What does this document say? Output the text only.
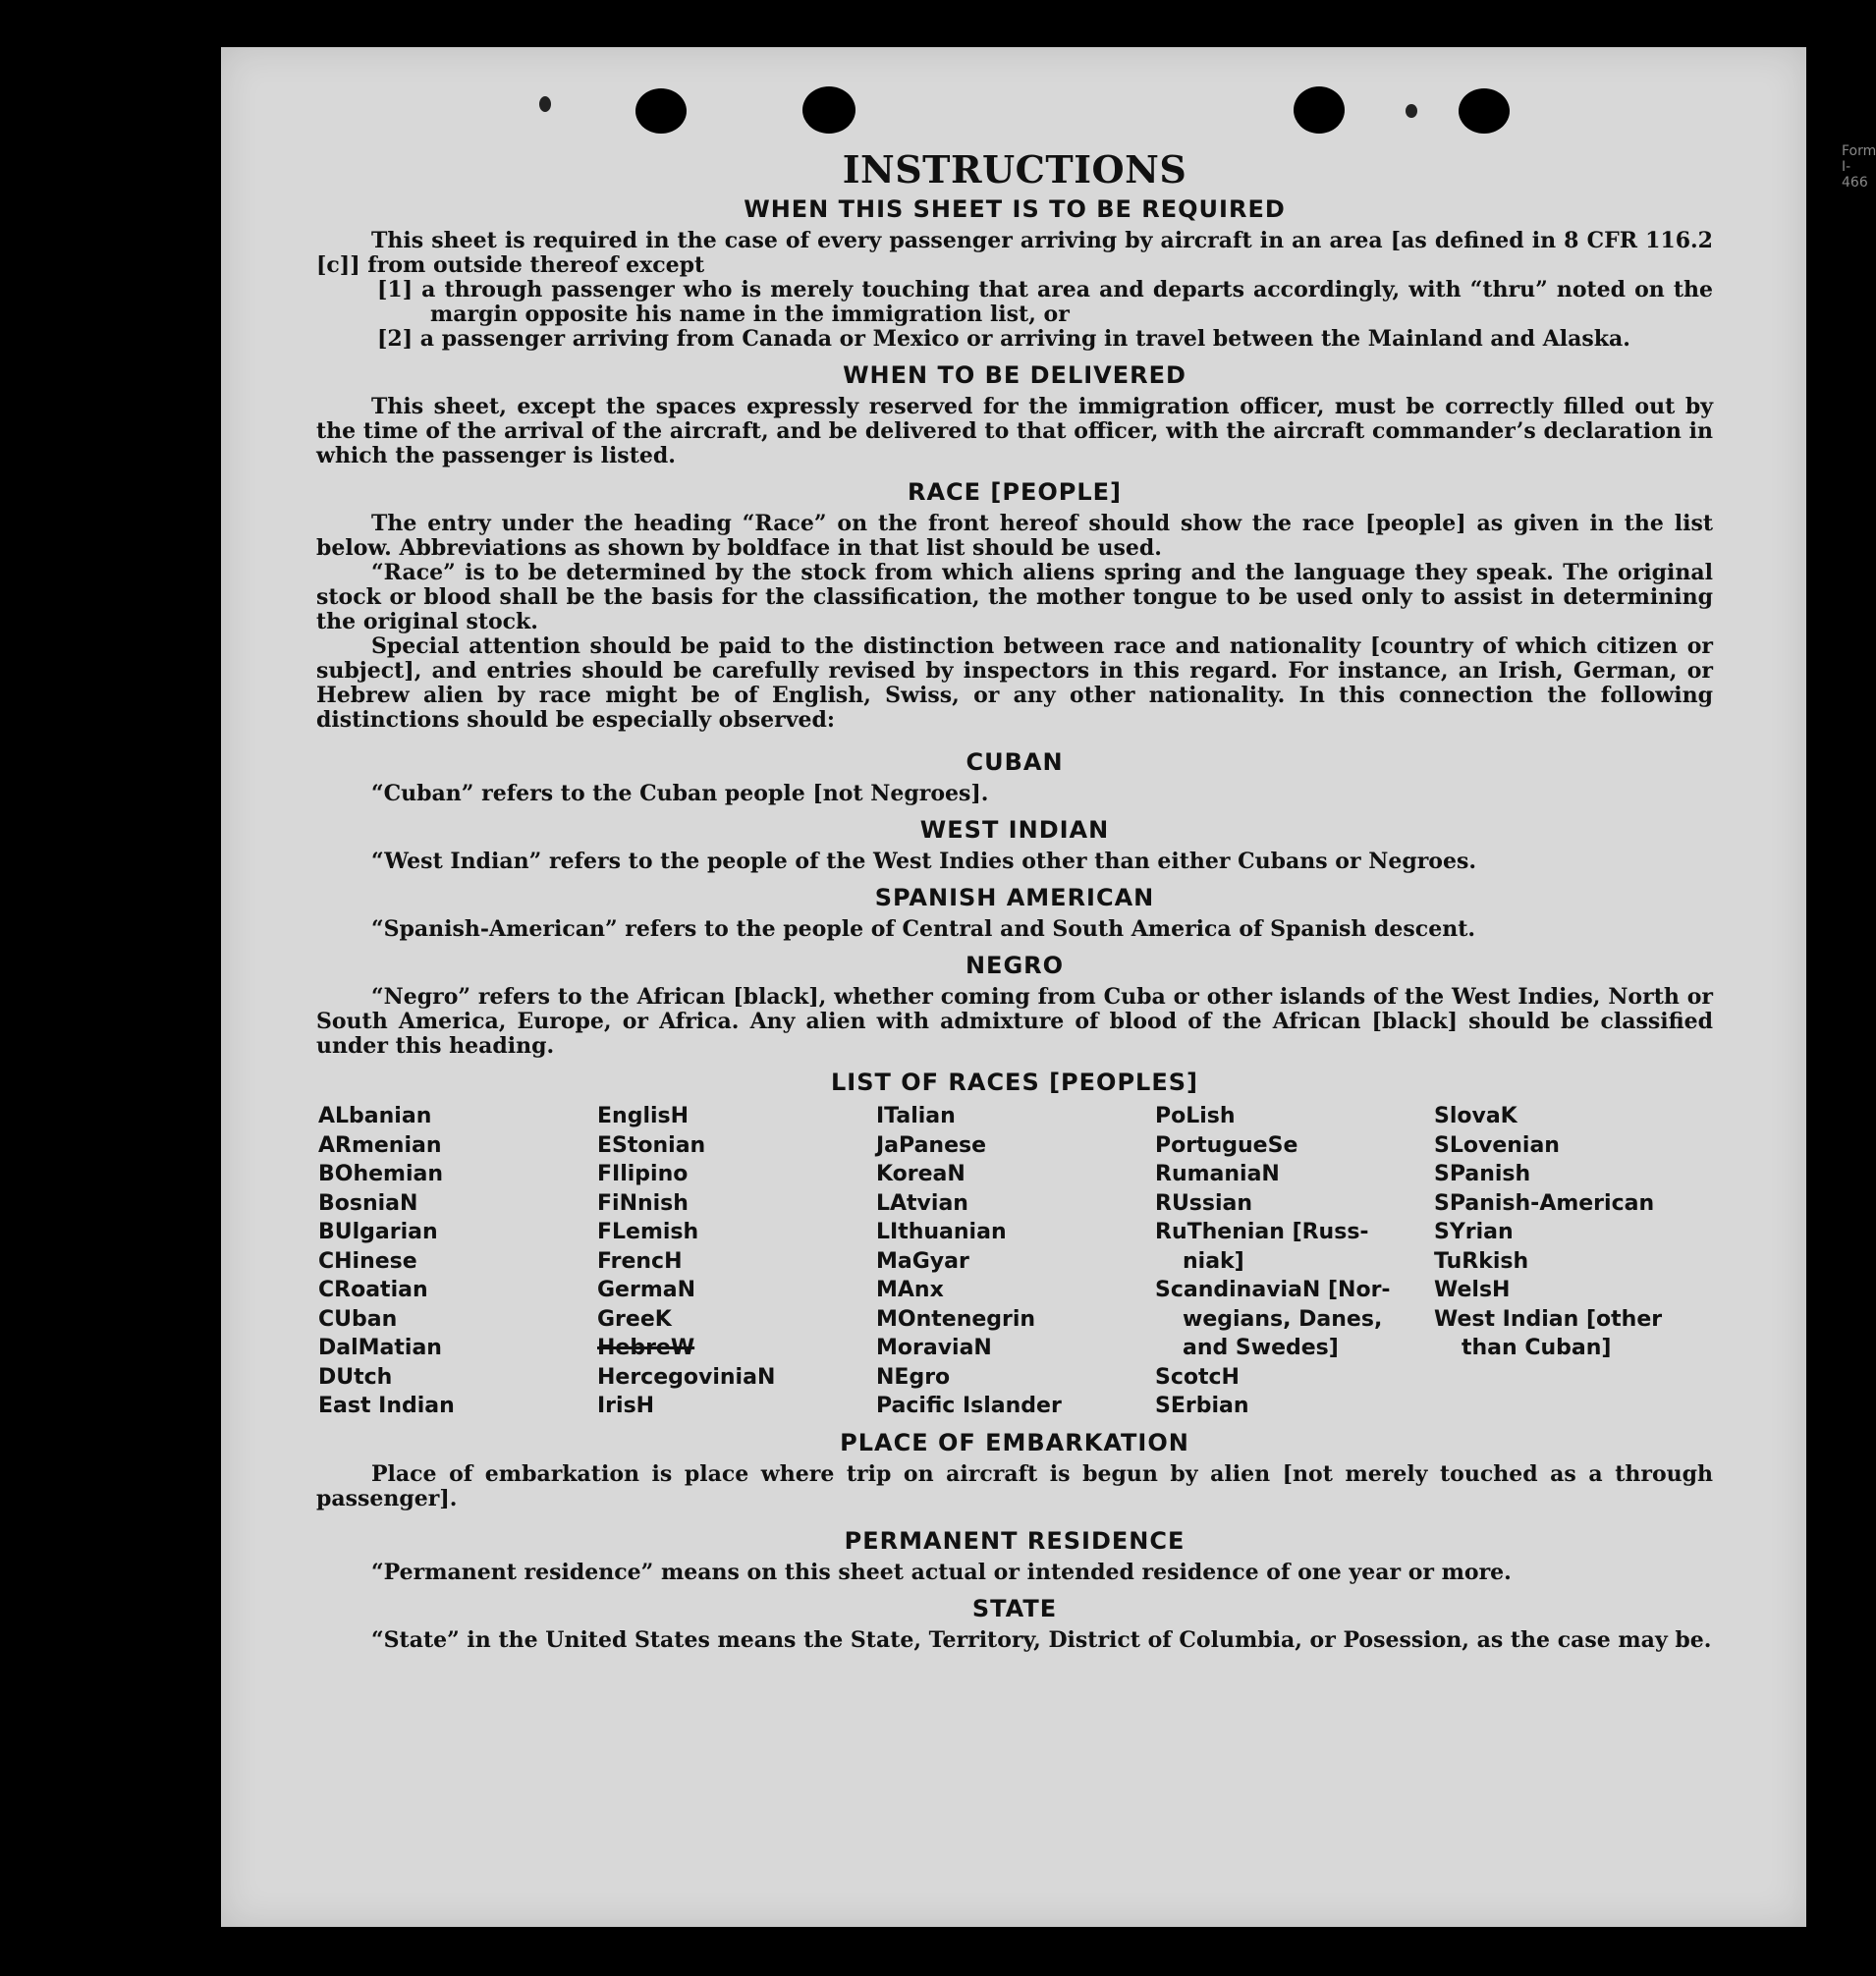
Form I-466
INSTRUCTIONS
WHEN THIS SHEET IS TO BE REQUIRED

This sheet is required in the case of every passenger arriving by aircraft in an area [as defined in 8 CFR 116.2 [c]] from outside thereof except

[1] a through passenger who is merely touching that area and departs accordingly, with “thru” noted on the margin opposite his name in the immigration list, or

[2] a passenger arriving from Canada or Mexico or arriving in travel between the Mainland and Alaska.

WHEN TO BE DELIVERED

This sheet, except the spaces expressly reserved for the immigration officer, must be correctly filled out by the time of the arrival of the aircraft, and be delivered to that officer, with the aircraft commander’s declaration in which the passenger is listed.

RACE [PEOPLE]

The entry under the heading “Race” on the front hereof should show the race [people] as given in the list below. Abbreviations as shown by boldface in that list should be used.

“Race” is to be determined by the stock from which aliens spring and the language they speak. The original stock or blood shall be the basis for the classification, the mother tongue to be used only to assist in determining the original stock.

Special attention should be paid to the distinction between race and nationality [country of which citizen or subject], and entries should be carefully revised by inspectors in this regard. For instance, an Irish, German, or Hebrew alien by race might be of English, Swiss, or any other nationality. In this connection the following distinctions should be especially observed:

CUBAN

“Cuban” refers to the Cuban people [not Negroes].

WEST INDIAN

“West Indian” refers to the people of the West Indies other than either Cubans or Negroes.

SPANISH AMERICAN

“Spanish-American” refers to the people of Central and South America of Spanish descent.

NEGRO

“Negro” refers to the African [black], whether coming from Cuba or other islands of the West Indies, North or South America, Europe, or Africa. Any alien with admixture of blood of the African [black] should be classified under this heading.

LIST OF RACES [PEOPLES]
ALbanian
ARmenian
BOhemian
BosniaN
BUlgarian
CHinese
CRoatian
CUban
DalMatian
DUtch
East Indian
EnglisH
EStonian
FIlipino
FiNnish
FLemish
FrencH
GermaN
GreeK
HebreW
HercegoviniaN
IrisH
ITalian
JaPanese
KoreaN
LAtvian
LIthuanian
MaGyar
MAnx
MOntenegrin
MoraviaN
NEgro
Pacific Islander
PoLish
PortugueSe
RumaniaN
RUssian
RuThenian [Russ-
niak]
ScandinaviaN [Nor-
wegians, Danes,
and Swedes]
ScotcH
SErbian
SlovaK
SLovenian
SPanish
SPanish-American
SYrian
TuRkish
WelsH
West Indian [other
than Cuban]
PLACE OF EMBARKATION

Place of embarkation is place where trip on aircraft is begun by alien [not merely touched as a through passenger].

PERMANENT RESIDENCE

“Permanent residence” means on this sheet actual or intended residence of one year or more.

STATE

“State” in the United States means the State, Territory, District of Columbia, or Posession, as the case may be.
